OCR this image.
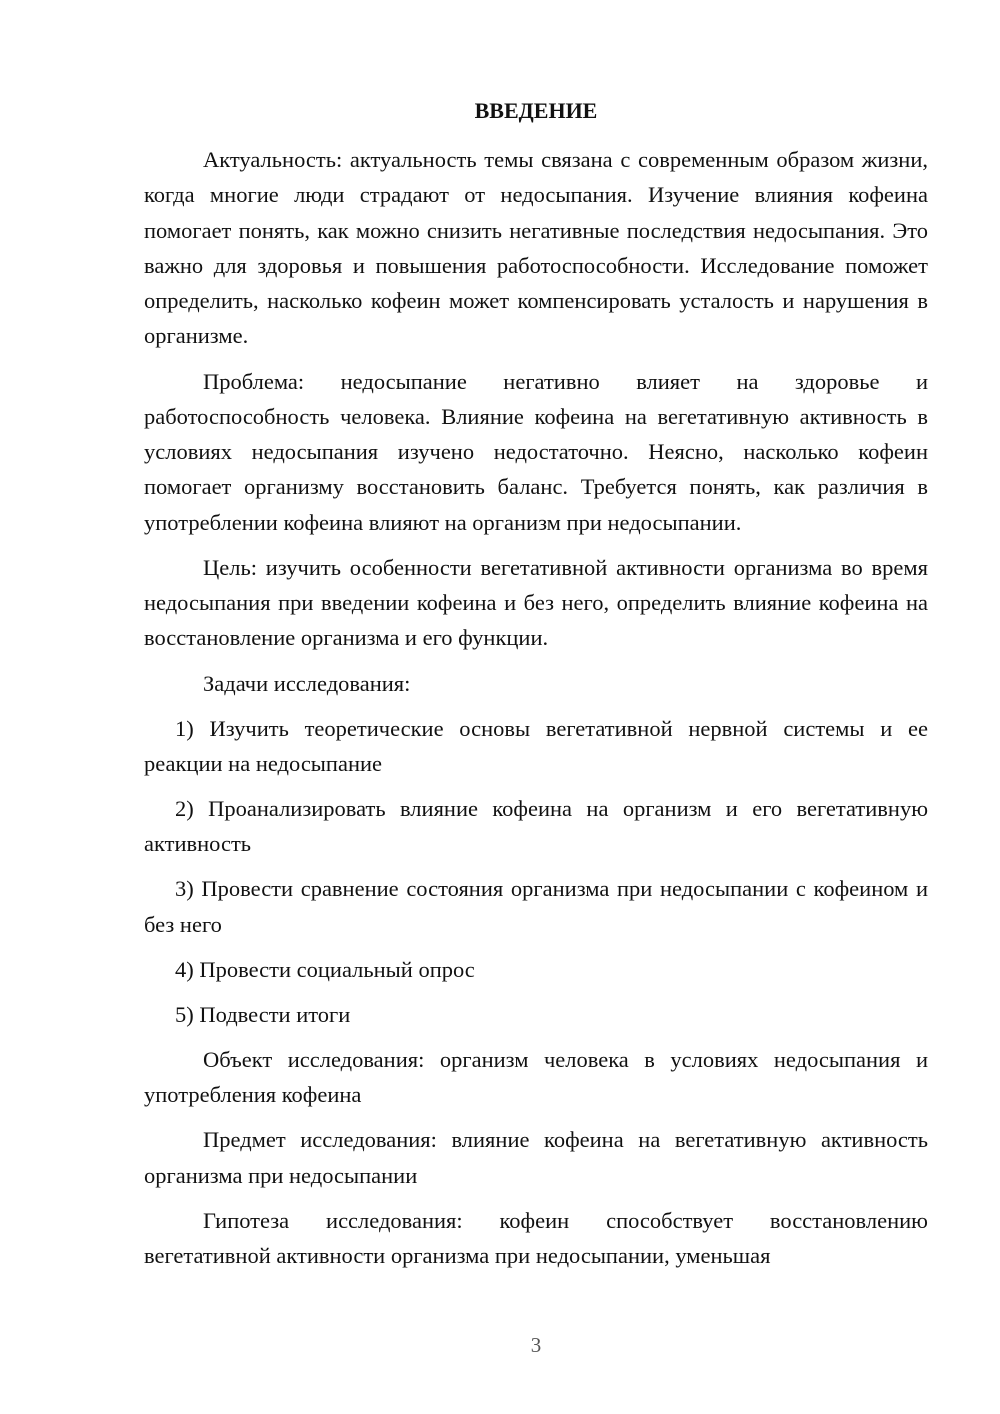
ВВЕДЕНИЕ

Актуальность: актуальность темы связана с современным образом жизни, когда многие люди страдают от недосыпания. Изучение влияния кофеина помогает понять, как можно снизить негативные последствия недосыпания. Это важно для здоровья и повышения работоспособности. Исследование поможет определить, насколько кофеин может компенсировать усталость и нарушения в организме.

Проблема: недосыпание негативно влияет на здоровье и работоспособность человека. Влияние кофеина на вегетативную активность в условиях недосыпания изучено недостаточно. Неясно, насколько кофеин помогает организму восстановить баланс. Требуется понять, как различия в употреблении кофеина влияют на организм при недосыпании.

Цель: изучить особенности вегетативной активности организма во время недосыпания при введении кофеина и без него, определить влияние кофеина на восстановление организма и его функции.

Задачи исследования:

1) Изучить теоретические основы вегетативной нервной системы и ее реакции на недосыпание

2) Проанализировать влияние кофеина на организм и его вегетативную активность

3) Провести сравнение состояния организма при недосыпании с кофеином и без него

4) Провести социальный опрос

5) Подвести итоги

Объект исследования: организм человека в условиях недосыпания и употребления кофеина

Предмет исследования: влияние кофеина на вегетативную активность организма при недосыпании

Гипотеза исследования: кофеин способствует восстановлению вегетативной активности организма при недосыпании, уменьшая

3
